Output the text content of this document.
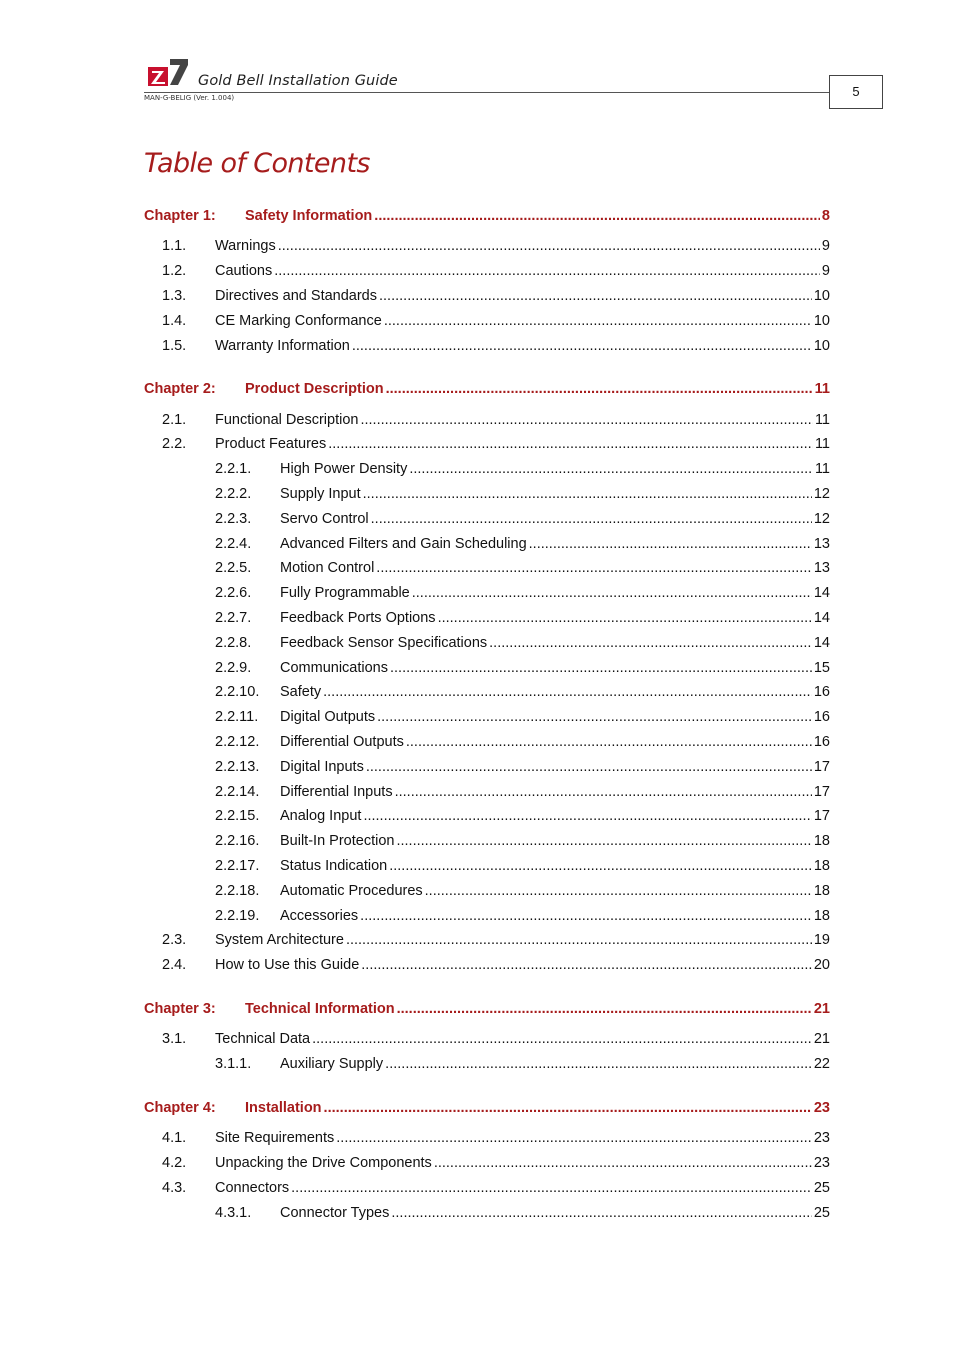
Gold Bell Installation Guide
MAN-G-BELIG (Ver. 1.004)	5
Table of Contents
Chapter 1:	Safety Information .....	8
1.1.	Warnings .....	9
1.2.	Cautions .....	9
1.3.	Directives and Standards .....	10
1.4.	CE Marking Conformance .....	10
1.5.	Warranty Information .....	10
Chapter 2:	Product Description .....	11
2.1.	Functional Description .....	11
2.2.	Product Features .....	11
2.2.1.	High Power Density .....	11
2.2.2.	Supply Input .....	12
2.2.3.	Servo Control .....	12
2.2.4.	Advanced Filters and Gain Scheduling .....	13
2.2.5.	Motion Control .....	13
2.2.6.	Fully Programmable .....	14
2.2.7.	Feedback Ports Options .....	14
2.2.8.	Feedback Sensor Specifications .....	14
2.2.9.	Communications .....	15
2.2.10.	Safety .....	16
2.2.11.	Digital Outputs .....	16
2.2.12.	Differential Outputs .....	16
2.2.13.	Digital Inputs .....	17
2.2.14.	Differential Inputs .....	17
2.2.15.	Analog Input .....	17
2.2.16.	Built-In Protection .....	18
2.2.17.	Status Indication .....	18
2.2.18.	Automatic Procedures .....	18
2.2.19.	Accessories .....	18
2.3.	System Architecture .....	19
2.4.	How to Use this Guide .....	20
Chapter 3:	Technical Information .....	21
3.1.	Technical Data .....	21
3.1.1.	Auxiliary Supply .....	22
Chapter 4:	Installation .....	23
4.1.	Site Requirements .....	23
4.2.	Unpacking the Drive Components .....	23
4.3.	Connectors .....	25
4.3.1.	Connector Types .....	25
